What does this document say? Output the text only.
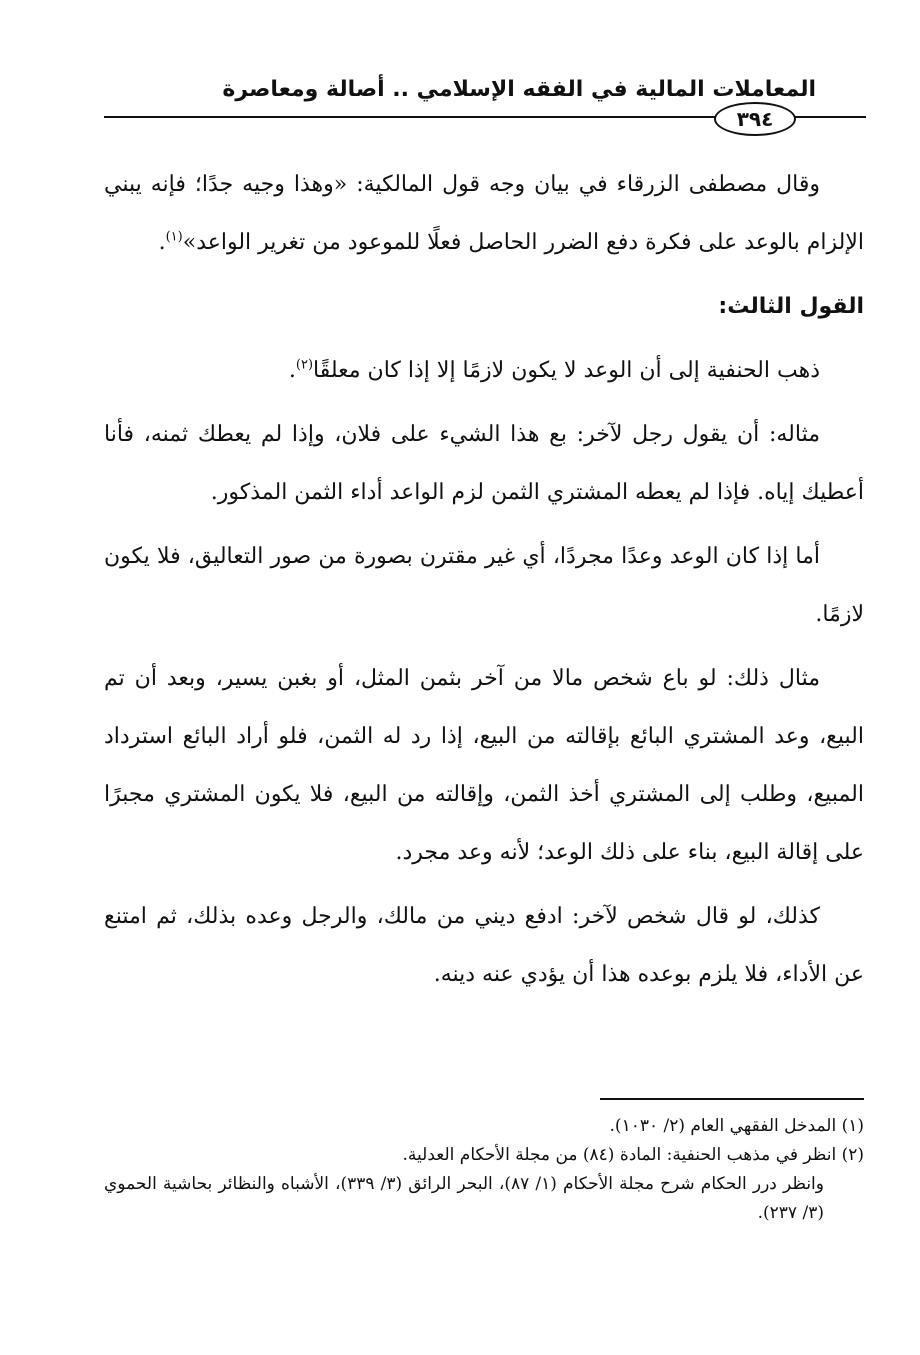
المعاملات المالية في الفقه الإسلامي .. أصالة ومعاصرة
٣٩٤

وقال مصطفى الزرقاء في بيان وجه قول المالكية: «وهذا وجيه جدًا؛ فإنه يبني الإلزام بالوعد على فكرة دفع الضرر الحاصل فعلًا للموعود من تغرير الواعد»$^{(١)}$.

القول الثالث:

ذهب الحنفية إلى أن الوعد لا يكون لازمًا إلا إذا كان معلقًا$^{(٢)}$.

مثاله: أن يقول رجل لآخر: بع هذا الشيء على فلان، وإذا لم يعطك ثمنه، فأنا أعطيك إياه. فإذا لم يعطه المشتري الثمن لزم الواعد أداء الثمن المذكور.

أما إذا كان الوعد وعدًا مجردًا، أي غير مقترن بصورة من صور التعاليق، فلا يكون لازمًا.

مثال ذلك: لو باع شخص مالا من آخر بثمن المثل، أو بغبن يسير، وبعد أن تم البيع، وعد المشتري البائع بإقالته من البيع، إذا رد له الثمن، فلو أراد البائع استرداد المبيع، وطلب إلى المشتري أخذ الثمن، وإقالته من البيع، فلا يكون المشتري مجبرًا على إقالة البيع، بناء على ذلك الوعد؛ لأنه وعد مجرد.

كذلك، لو قال شخص لآخر: ادفع ديني من مالك، والرجل وعده بذلك، ثم امتنع عن الأداء، فلا يلزم بوعده هذا أن يؤدي عنه دينه.

(١) المدخل الفقهي العام (٢/ ١٠٣٠).

(٢) انظر في مذهب الحنفية: المادة (٨٤) من مجلة الأحكام العدلية.

وانظر درر الحكام شرح مجلة الأحكام (١/ ٨٧)، البحر الرائق (٣/ ٣٣٩)، الأشباه والنظائر بحاشية الحموي (٣/ ٢٣٧).
